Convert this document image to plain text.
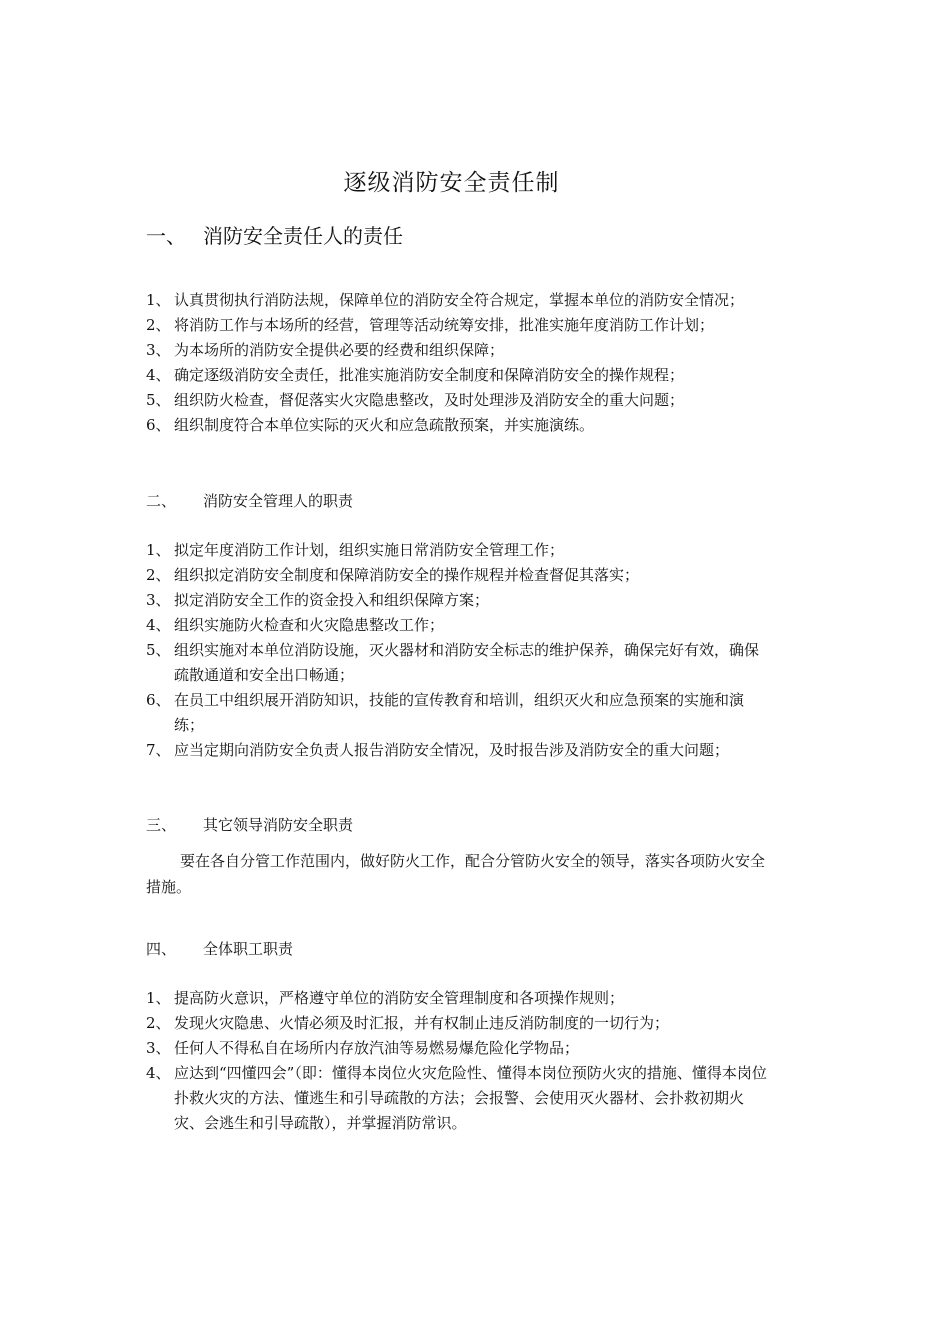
逐级消防安全责任制
一、 消防安全责任人的责任
1、 认真贯彻执行消防法规，保障单位的消防安全符合规定，掌握本单位的消防安全情况；
2、 将消防工作与本场所的经营，管理等活动统筹安排，批准实施年度消防工作计划；
3、 为本场所的消防安全提供必要的经费和组织保障；
4、 确定逐级消防安全责任，批准实施消防安全制度和保障消防安全的操作规程；
5、 组织防火检查，督促落实火灾隐患整改，及时处理涉及消防安全的重大问题；
6、 组织制度符合本单位实际的灭火和应急疏散预案，并实施演练。
二、 消防安全管理人的职责
1、 拟定年度消防工作计划，组织实施日常消防安全管理工作；
2、 组织拟定消防安全制度和保障消防安全的操作规程并检查督促其落实；
3、 拟定消防安全工作的资金投入和组织保障方案；
4、 组织实施防火检查和火灾隐患整改工作；
5、 组织实施对本单位消防设施，灭火器材和消防安全标志的维护保养，确保完好有效，确保疏散通道和安全出口畅通；
6、 在员工中组织展开消防知识，技能的宣传教育和培训，组织灭火和应急预案的实施和演练；
7、 应当定期向消防安全负责人报告消防安全情况，及时报告涉及消防安全的重大问题；
三、 其它领导消防安全职责

要在各自分管工作范围内，做好防火工作，配合分管防火安全的领导，落实各项防火安全措施。

四、 全体职工职责
1、 提高防火意识，严格遵守单位的消防安全管理制度和各项操作规则；
2、 发现火灾隐患、火情必须及时汇报，并有权制止违反消防制度的一切行为；
3、 任何人不得私自在场所内存放汽油等易燃易爆危险化学物品；
4、 应达到“四懂四会”（即：懂得本岗位火灾危险性、懂得本岗位预防火灾的措施、懂得本岗位扑救火灾的方法、懂逃生和引导疏散的方法；会报警、会使用灭火器材、会扑救初期火灾、会逃生和引导疏散），并掌握消防常识。
